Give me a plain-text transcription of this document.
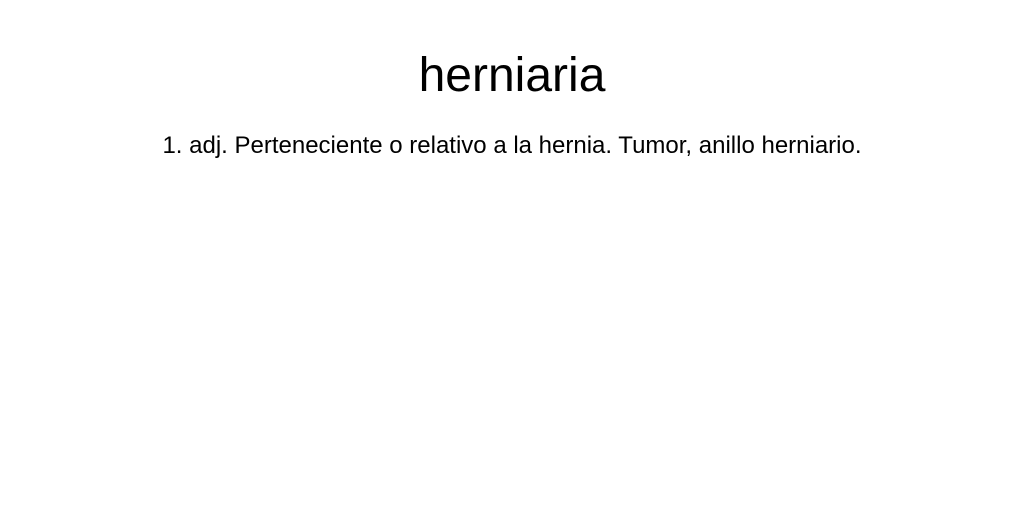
herniaria

1. adj. Perteneciente o relativo a la hernia. Tumor, anillo herniario.
